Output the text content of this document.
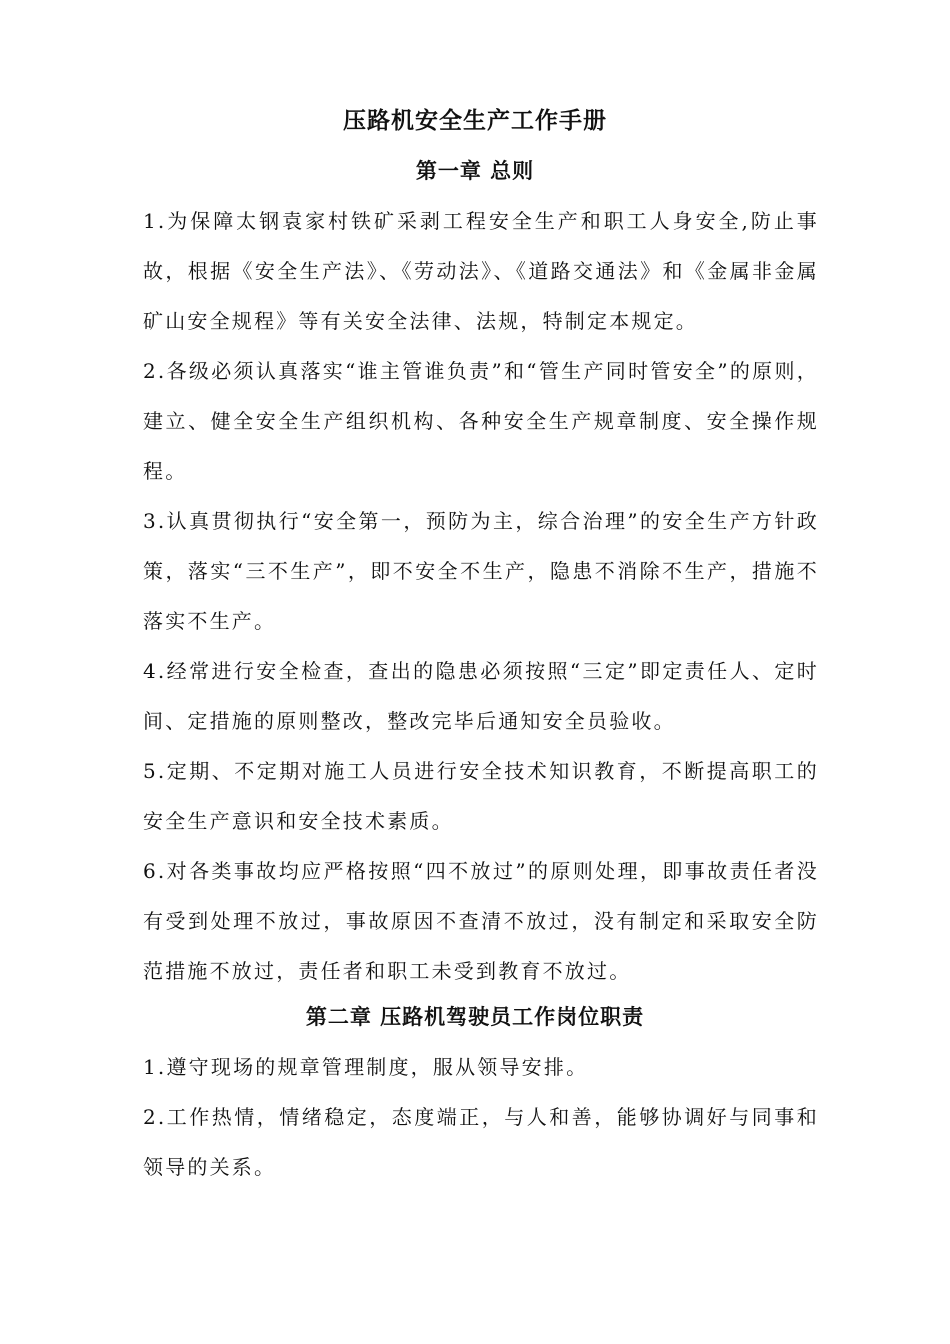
压路机安全生产工作手册
第一章 总则

1.为保障太钢袁家村铁矿采剥工程安全生产和职工人身安全,防止事故，根据《安全生产法》、《劳动法》、《道路交通法》和《金属非金属矿山安全规程》等有关安全法律、法规，特制定本规定。

2.各级必须认真落实“谁主管谁负责”和“管生产同时管安全”的原则，建立、健全安全生产组织机构、各种安全生产规章制度、安全操作规程。

3.认真贯彻执行“安全第一，预防为主，综合治理”的安全生产方针政策，落实“三不生产”，即不安全不生产，隐患不消除不生产，措施不落实不生产。

4.经常进行安全检查，查出的隐患必须按照“三定”即定责任人、定时间、定措施的原则整改，整改完毕后通知安全员验收。

5.定期、不定期对施工人员进行安全技术知识教育，不断提高职工的安全生产意识和安全技术素质。

6.对各类事故均应严格按照“四不放过”的原则处理，即事故责任者没有受到处理不放过，事故原因不查清不放过，没有制定和采取安全防范措施不放过，责任者和职工未受到教育不放过。

第二章 压路机驾驶员工作岗位职责

1.遵守现场的规章管理制度，服从领导安排。

2.工作热情，情绪稳定，态度端正，与人和善，能够协调好与同事和领导的关系。
